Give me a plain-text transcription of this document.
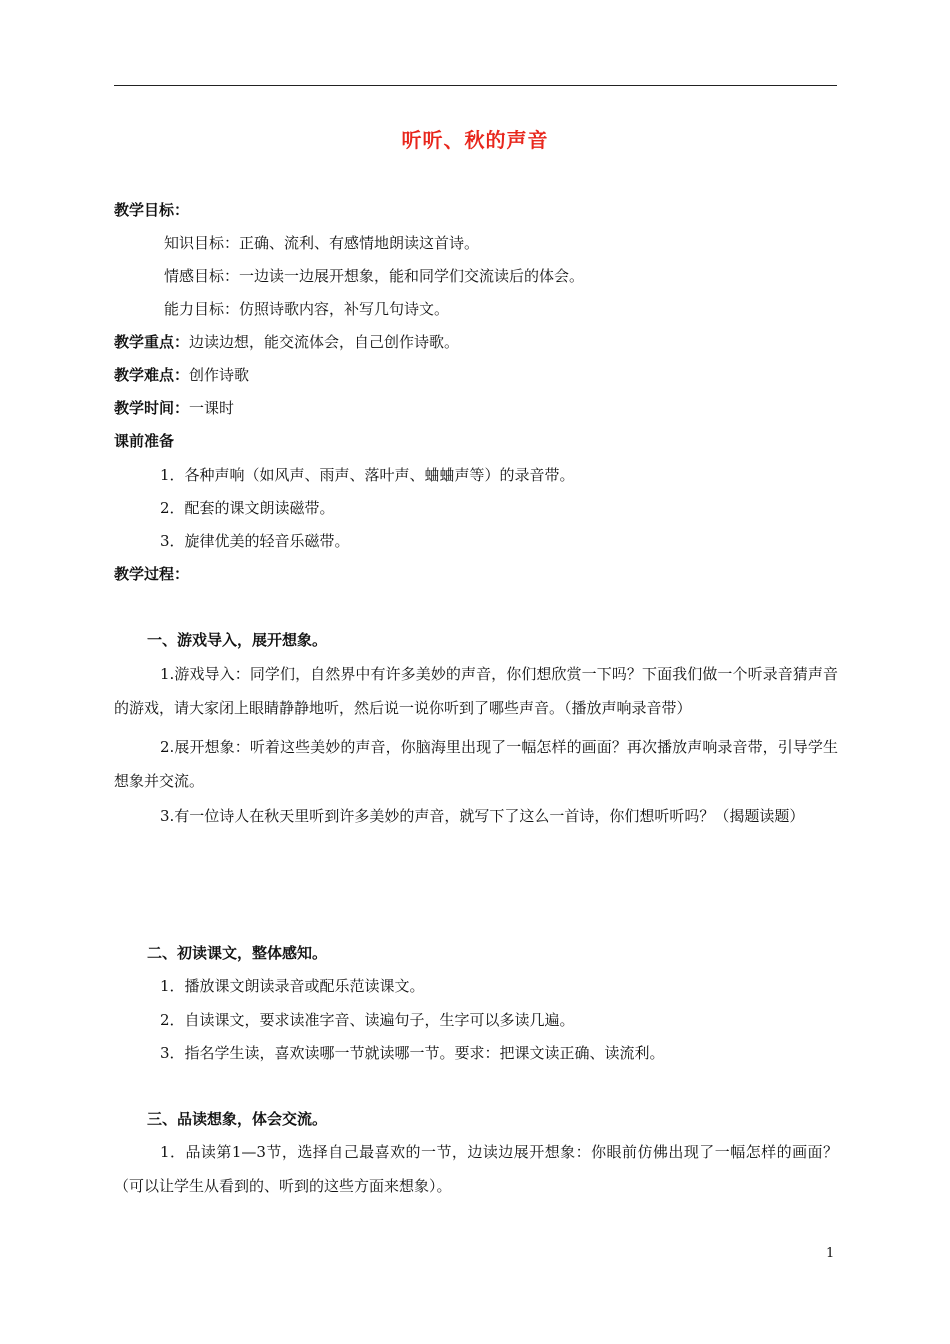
听听、秋的声音
教学目标：
知识目标：正确、流利、有感情地朗读这首诗。
情感目标：一边读一边展开想象，能和同学们交流读后的体会。
能力目标：仿照诗歌内容，补写几句诗文。
教学重点：边读边想，能交流体会，自己创作诗歌。
教学难点：创作诗歌
教学时间：一课时
课前准备
1．各种声响（如风声、雨声、落叶声、蛐蛐声等）的录音带。
2．配套的课文朗读磁带。
3．旋律优美的轻音乐磁带。
教学过程：
一、游戏导入，展开想象。
1.游戏导入：同学们，自然界中有许多美妙的声音，你们想欣赏一下吗？下面我们做一个听录音猜声音的游戏，请大家闭上眼睛静静地听，然后说一说你听到了哪些声音。（播放声响录音带）
2.展开想象：听着这些美妙的声音，你脑海里出现了一幅怎样的画面？再次播放声响录音带，引导学生想象并交流。
3.有一位诗人在秋天里听到许多美妙的声音，就写下了这么一首诗，你们想听听吗？（揭题读题）
二、初读课文，整体感知。
1．播放课文朗读录音或配乐范读课文。
2．自读课文，要求读准字音、读遍句子，生字可以多读几遍。
3．指名学生读，喜欢读哪一节就读哪一节。要求：把课文读正确、读流利。
三、品读想象，体会交流。
1．品读第1—3节，选择自己最喜欢的一节，边读边展开想象：你眼前仿佛出现了一幅怎样的画面？（可以让学生从看到的、听到的这些方面来想象）。
1
